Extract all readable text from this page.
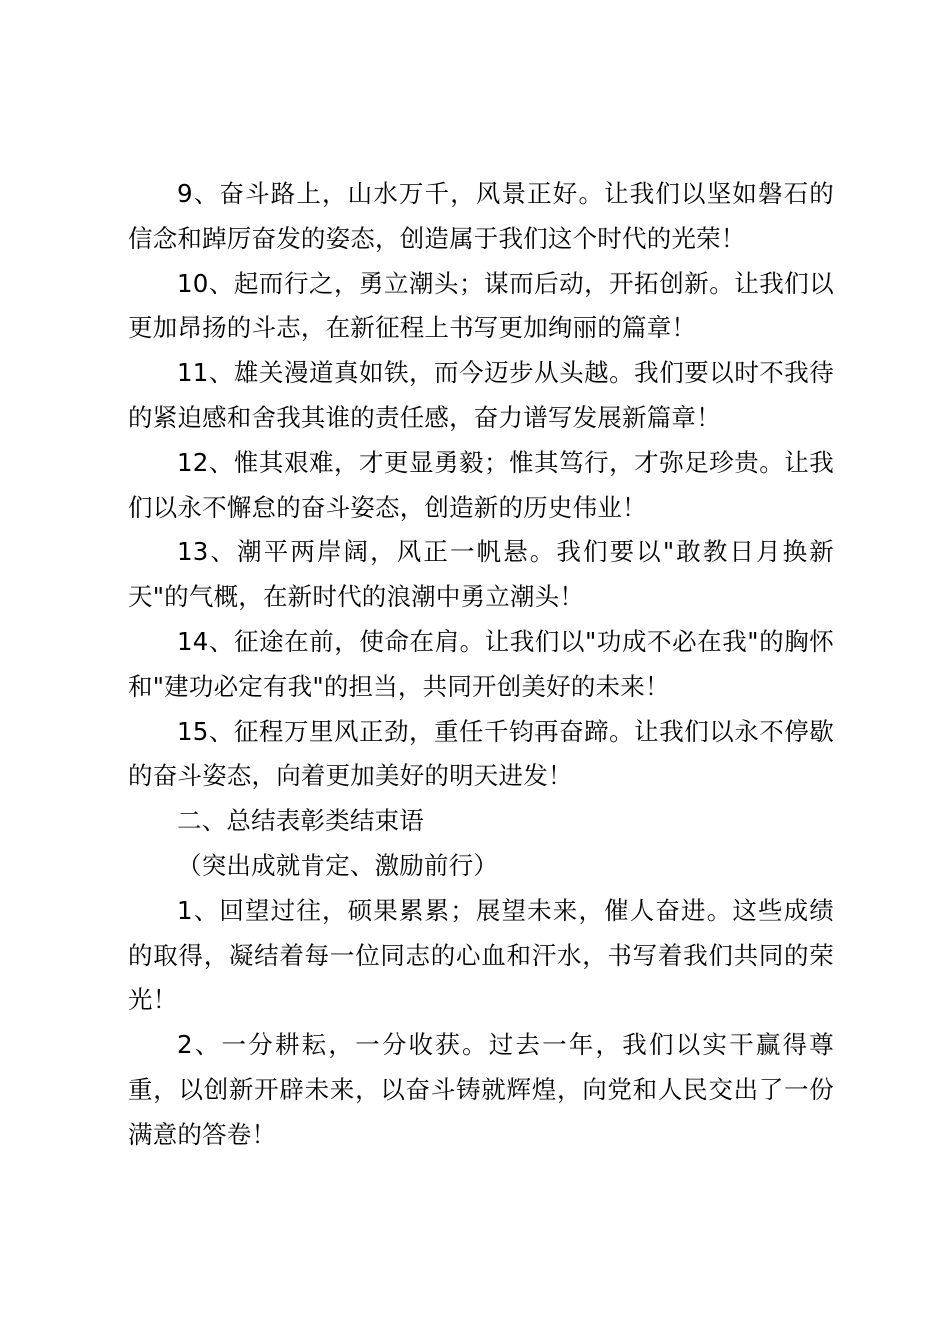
9、奋斗路上，山水万千，风景正好。让我们以坚如磐石的信念和踔厉奋发的姿态，创造属于我们这个时代的光荣！

10、起而行之，勇立潮头；谋而后动，开拓创新。让我们以更加昂扬的斗志，在新征程上书写更加绚丽的篇章！

11、雄关漫道真如铁，而今迈步从头越。我们要以时不我待的紧迫感和舍我其谁的责任感，奋力谱写发展新篇章！

12、惟其艰难，才更显勇毅；惟其笃行，才弥足珍贵。让我们以永不懈怠的奋斗姿态，创造新的历史伟业！

13、潮平两岸阔，风正一帆悬。我们要以"敢教日月换新天"的气概，在新时代的浪潮中勇立潮头！

14、征途在前，使命在肩。让我们以"功成不必在我"的胸怀和"建功必定有我"的担当，共同开创美好的未来！

15、征程万里风正劲，重任千钧再奋蹄。让我们以永不停歇的奋斗姿态，向着更加美好的明天进发！

二、总结表彰类结束语

（突出成就肯定、激励前行）

1、回望过往，硕果累累；展望未来，催人奋进。这些成绩的取得，凝结着每一位同志的心血和汗水，书写着我们共同的荣光！

2、一分耕耘，一分收获。过去一年，我们以实干赢得尊重，以创新开辟未来，以奋斗铸就辉煌，向党和人民交出了一份满意的答卷！
